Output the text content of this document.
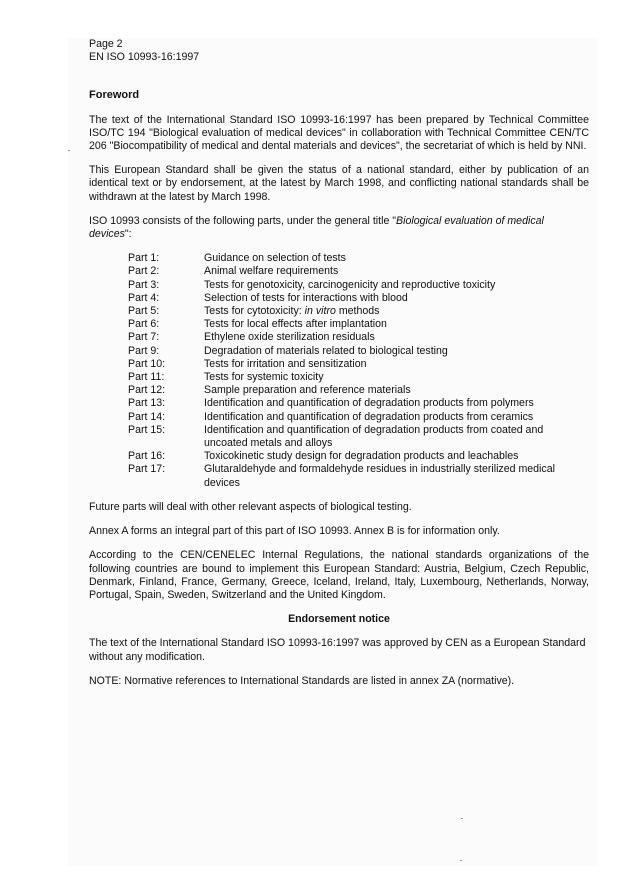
Page 2

EN ISO 10993-16:1997

Foreword

The text of the International Standard ISO 10993-16:1997 has been prepared by Technical Committee ISO/TC 194 "Biological evaluation of medical devices" in collaboration with Technical Committee CEN/TC 206 "Biocompatibility of medical and dental materials and devices", the secretariat of which is held by NNI.

This European Standard shall be given the status of a national standard, either by publication of an identical text or by endorsement, at the latest by March 1998, and conflicting national standards shall be withdrawn at the latest by March 1998.

ISO 10993 consists of the following parts, under the general title "Biological evaluation of medical devices":

Part 1:	Guidance on selection of tests
Part 2:	Animal welfare requirements
Part 3:	Tests for genotoxicity, carcinogenicity and reproductive toxicity
Part 4:	Selection of tests for interactions with blood
Part 5:	Tests for cytotoxicity: in vitro methods
Part 6:	Tests for local effects after implantation
Part 7:	Ethylene oxide sterilization residuals
Part 9:	Degradation of materials related to biological testing
Part 10:	Tests for irritation and sensitization
Part 11:	Tests for systemic toxicity
Part 12:	Sample preparation and reference materials
Part 13:	Identification and quantification of degradation products from polymers
Part 14:	Identification and quantification of degradation products from ceramics
Part 15:	Identification and quantification of degradation products from coated and uncoated metals and alloys
Part 16:	Toxicokinetic study design for degradation products and leachables
Part 17:	Glutaraldehyde and formaldehyde residues in industrially sterilized medical devices

Future parts will deal with other relevant aspects of biological testing.

Annex A forms an integral part of this part of ISO 10993. Annex B is for information only.

According to the CEN/CENELEC Internal Regulations, the national standards organizations of the following countries are bound to implement this European Standard: Austria, Belgium, Czech Republic, Denmark, Finland, France, Germany, Greece, Iceland, Ireland, Italy, Luxembourg, Netherlands, Norway, Portugal, Spain, Sweden, Switzerland and the United Kingdom.

Endorsement notice

The text of the International Standard ISO 10993-16:1997 was approved by CEN as a European Standard without any modification.

NOTE: Normative references to International Standards are listed in annex ZA (normative).
